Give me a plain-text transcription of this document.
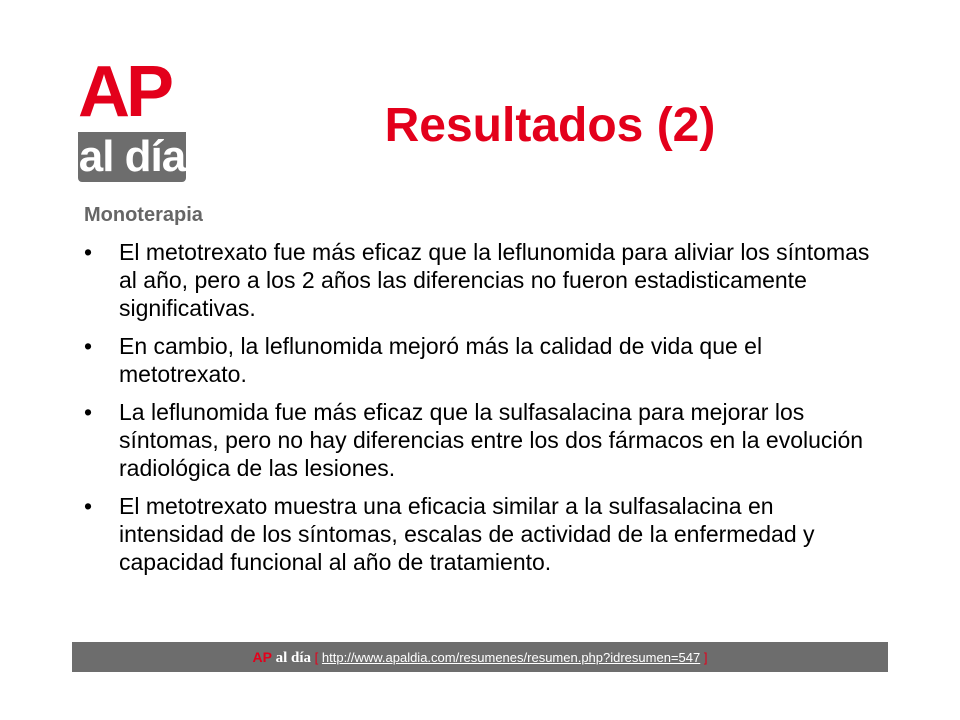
AP
al día
Resultados (2)
Monoterapia
• El metotrexato fue más eficaz que la leflunomida para aliviar los síntomas al año, pero a los 2 años las diferencias no fueron estadisticamente significativas.
• En cambio, la leflunomida mejoró más la calidad de vida que el metotrexato.
• La leflunomida fue más eficaz que la sulfasalacina para mejorar los síntomas, pero no hay diferencias entre los dos fármacos en la evolución radiológica de las lesiones.
• El metotrexato muestra una eficacia similar a la sulfasalacina en intensidad de los síntomas, escalas de actividad de la enfermedad y capacidad funcional al año de tratamiento.
AP al día [ http://www.apaldia.com/resumenes/resumen.php?idresumen=547 ]
